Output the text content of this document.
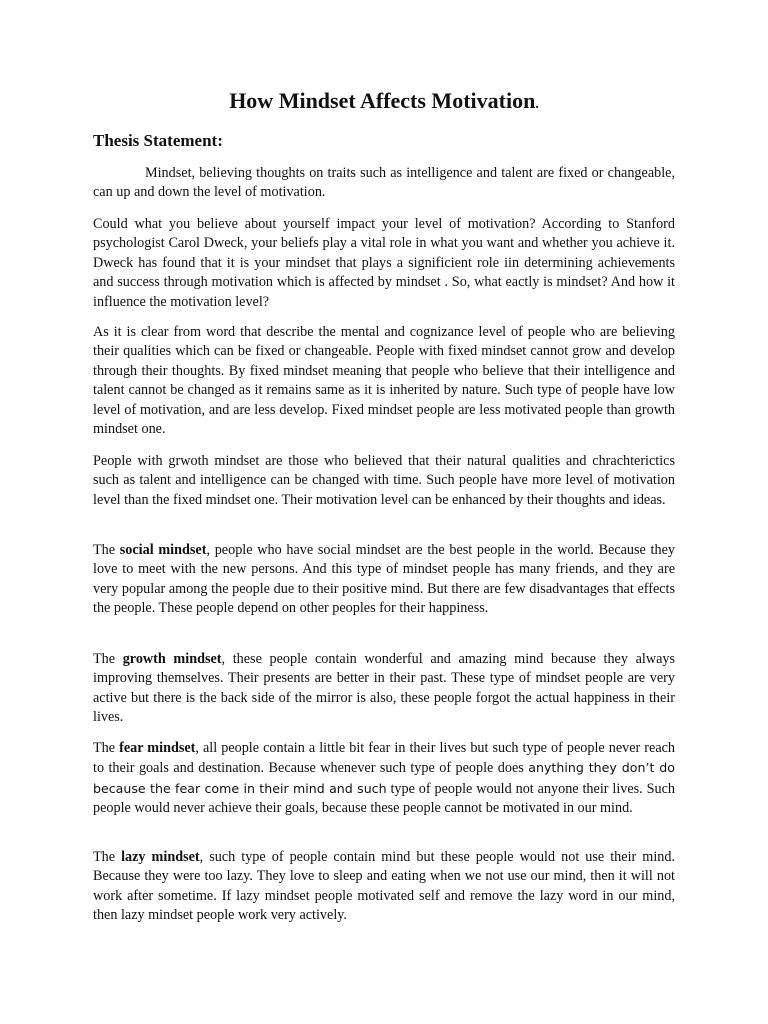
How Mindset Affects Motivation.
Thesis Statement:

Mindset, believing thoughts on traits such as intelligence and talent are fixed or changeable, can up and down the level of motivation.

Could what you believe about yourself impact your level of motivation? According to Stanford psychologist Carol Dweck, your beliefs play a vital role in what you want and whether you achieve it. Dweck has found that it is your mindset that plays a significient role iin determining achievements and success through motivation which is affected by mindset . So, what eactly is mindset? And how it influence the motivation level?

As it is clear from word that describe the mental and cognizance level of people who are believing their qualities which can be fixed or changeable. People with fixed mindset cannot grow and develop through their thoughts. By fixed mindset meaning that people who believe that their intelligence and talent cannot be changed as it remains same as it is inherited by nature. Such type of people have low level of motivation, and are less develop. Fixed mindset people are less motivated people than growth mindset one.

People with grwoth mindset are those who believed that their natural qualities and chrachterictics such as talent and intelligence can be changed with time. Such people have more level of motivation level than the fixed mindset one. Their motivation level can be enhanced by their thoughts and ideas.

The social mindset, people who have social mindset are the best people in the world. Because they love to meet with the new persons. And this type of mindset people has many friends, and they are very popular among the people due to their positive mind. But there are few disadvantages that effects the people. These people depend on other peoples for their happiness.

The growth mindset, these people contain wonderful and amazing mind because they always improving themselves. Their presents are better in their past. These type of mindset people are very active but there is the back side of the mirror is also, these people forgot the actual happiness in their lives.

The fear mindset, all people contain a little bit fear in their lives but such type of people never reach to their goals and destination. Because whenever such type of people does anything they don’t do because the fear come in their mind and such type of people would not anyone their lives. Such people would never achieve their goals, because these people cannot be motivated in our mind.

The lazy mindset, such type of people contain mind but these people would not use their mind. Because they were too lazy. They love to sleep and eating when we not use our mind, then it will not work after sometime. If lazy mindset people motivated self and remove the lazy word in our mind, then lazy mindset people work very actively.
